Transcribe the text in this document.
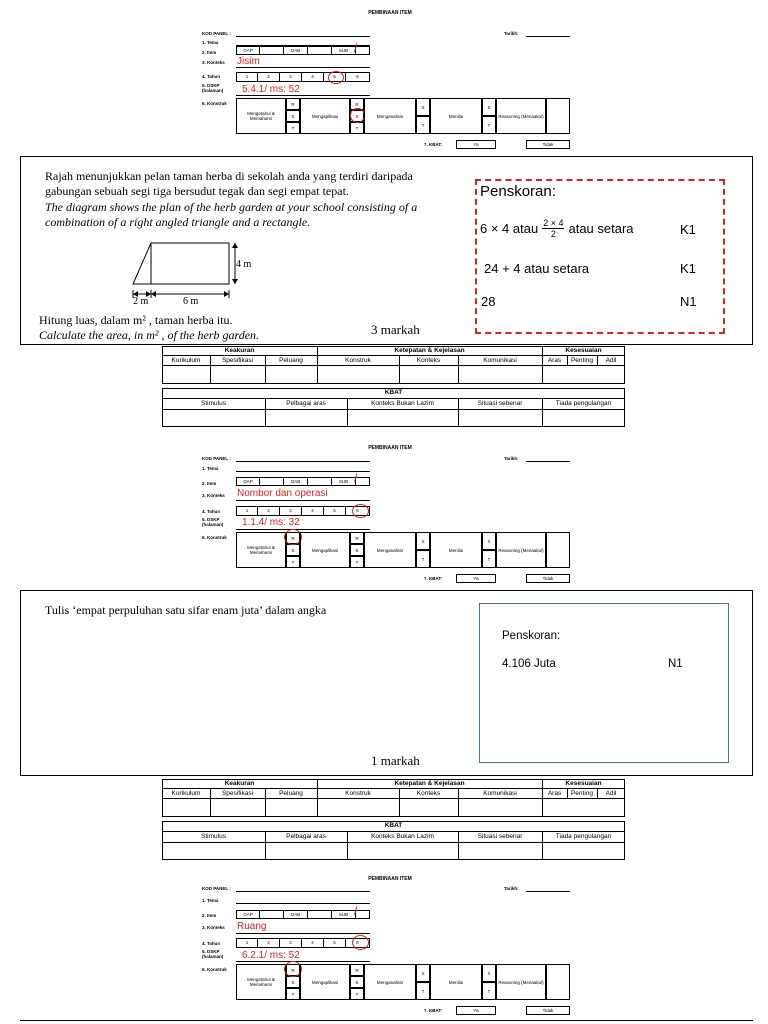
PEMBINAAN ITEM
KOD PANEL :	Tarikh:
1. Tema
2. Item	OAP	OAB	SUB /
3. Konteks Jisim
4. Tahun	1	2	3	4	5	6
5. DSKP
(halaman) 5.4.1/ ms: 52
6. Konstruk
Mengetahui & Memahami
R
S
T
Mengaplikasi
R
S
T
Menganalisis
S
T
Menilai
S
T
Reasoning (Menaakul)
7. KBAT:	Ya	Tidak
Rajah menunjukkan pelan taman herba di sekolah anda yang terdiri daripada gabungan sebuah segi tiga bersudut tegak dan segi empat tepat.
The diagram shows the plan of the herb garden at your school consisting of a combination of a right angled triangle and a rectangle.
4 m
2 m	6 m
Hitung luas, dalam m² , taman herba itu.
Calculate the area, in m² , of the herb garden.	3 markah
Penskoran:
6 × 4 atau 2 × 4
2 atau setara	K1
24 + 4 atau setara	K1
28	N1
Keakuran	Ketepatan & Kejelasan	Kesesuaian
Kurikulum	Spesifikasi	Peluang	Konstruk	Konteks	Komunikasi	Aras	Penting	Adil
KBAT
Stimulus	Pelbagai aras	Konteks Bukan Lazim	Situasi sebenar	Tiada pengulangan
PEMBINAAN ITEM
KOD PANEL :	Tarikh:
1. Tema
2. Item	OAP	OAB	SUB /
3. Konteks Nombor dan operasi
4. Tahun	1	2	3	4	5	6
5. DSKP
(halaman) 1.1.4/ ms: 32
6. Konstruk
Mengetahui & Memahami
R
S
T
Mengaplikasi
R
S
T
Menganalisis
S
T
Menilai
S
T
Reasoning (Menaakul)
7. KBAT:	Ya	Tidak
Tulis ‘empat perpuluhan satu sifar enam juta’ dalam angka
1 markah
Penskoran:
4.106 Juta	N1
Keakuran	Ketepatan & Kejelasan	Kesesuaian
Kurikulum	Spesifikasi	Peluang	Konstruk	Konteks	Komunikasi	Aras	Penting	Adil
KBAT
Stimulus	Pelbagai aras	Konteks Bukan Lazim	Situasi sebenar	Tiada pengulangan
PEMBINAAN ITEM
KOD PANEL :	Tarikh:
1. Tema
2. Item	OAP	OAB	SUB /
3. Konteks Ruang
4. Tahun	1	2	3	4	5	6
5. DSKP
(halaman) 6.2.1/ ms: 52
6. Konstruk
Mengetahui & Memahami
R
S
T
Mengaplikasi
R
S
T
Menganalisis
S
T
Menilai
S
T
Reasoning (Menaakul)
7. KBAT:	Ya	Tidak
